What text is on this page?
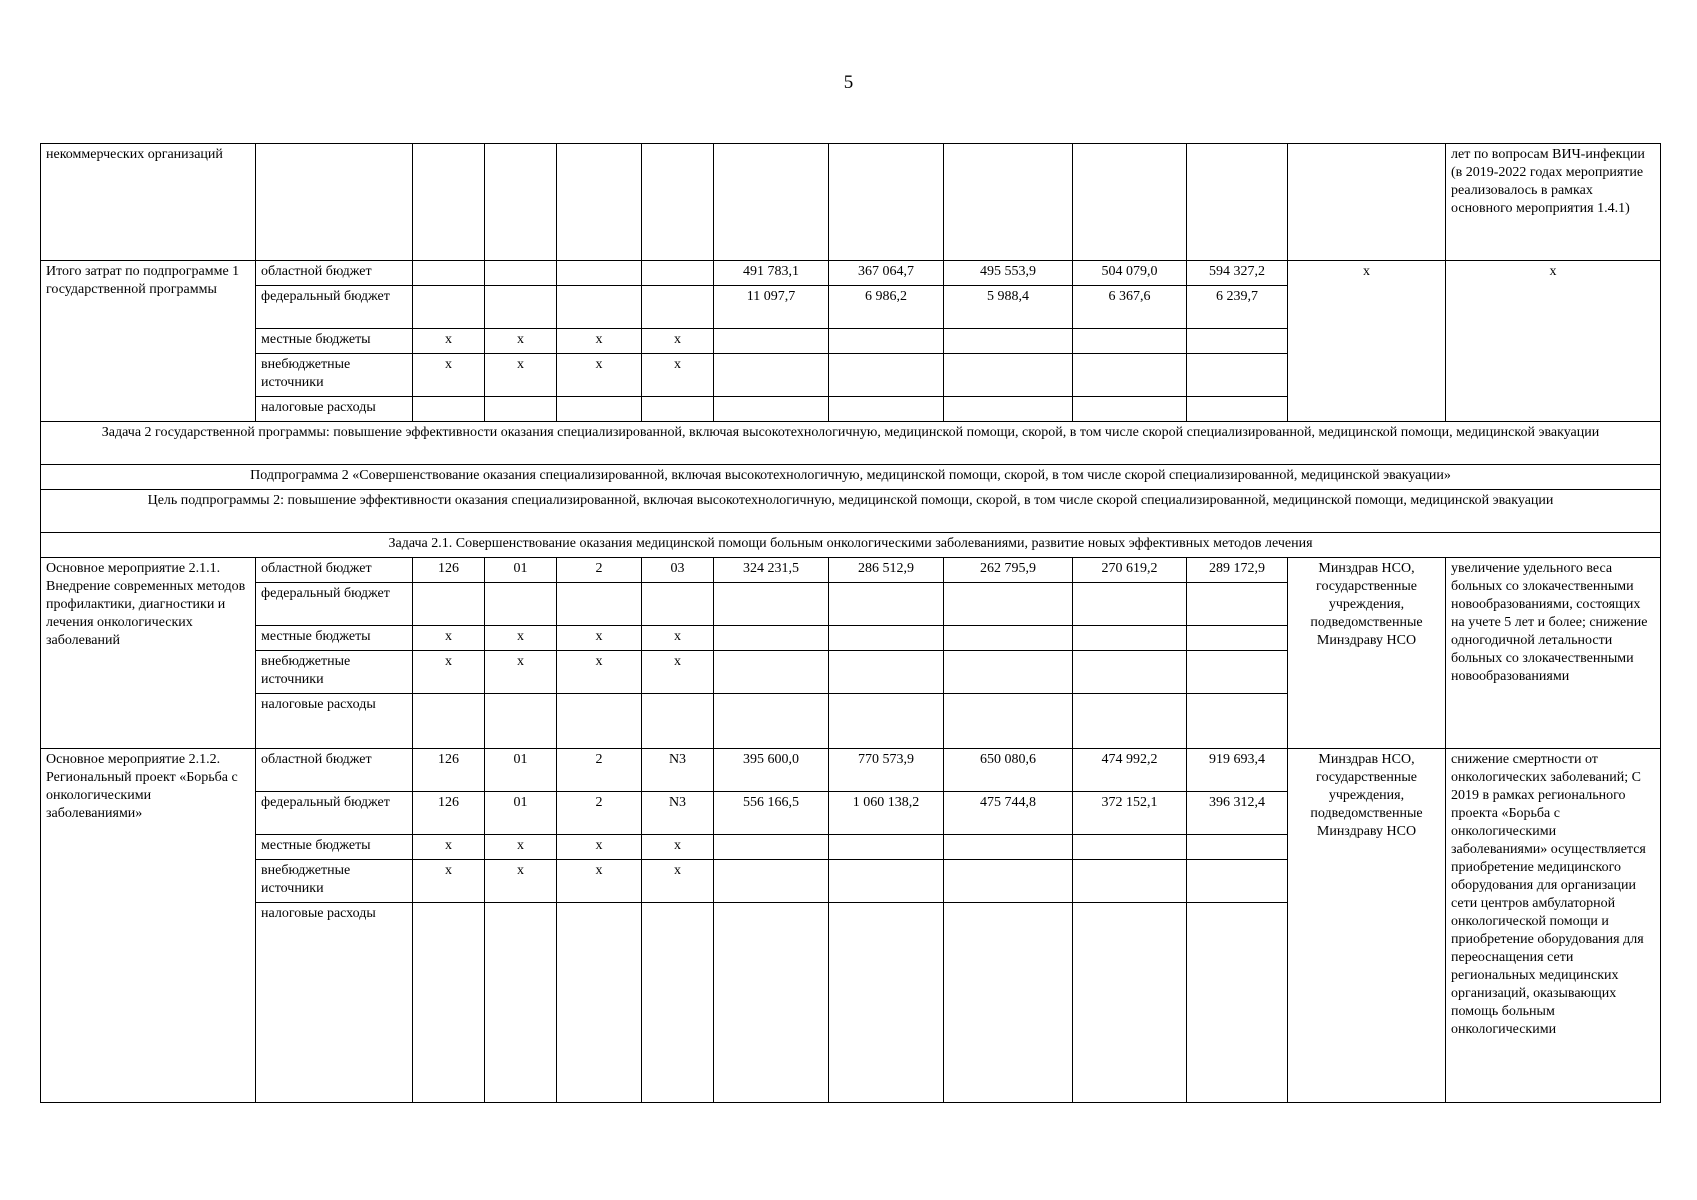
5
некоммерческих организаций												лет по вопросам ВИЧ-инфекции (в 2019-2022 годах мероприятие реализовалось в рамках основного мероприятия 1.4.1)
Итого затрат по подпрограмме 1 государственной программы	областной бюджет					491 783,1	367 064,7	495 553,9	504 079,0	594 327,2	х	х
	федеральный бюджет					11 097,7	6 986,2	5 988,4	6 367,6	6 239,7		
	местные бюджеты	х	х	х	х							
	внебюджетные источники	х	х	х	х							
	налоговые расходы											
Задача 2 государственной программы: повышение эффективности оказания специализированной, включая высокотехнологичную, медицинской помощи, скорой, в том числе скорой специализированной, медицинской помощи, медицинской эвакуации												
Подпрограмма 2 «Совершенствование оказания специализированной, включая высокотехнологичную, медицинской помощи, скорой, в том числе скорой специализированной, медицинской эвакуации»												
Цель подпрограммы 2: повышение эффективности оказания специализированной, включая высокотехнологичную, медицинской помощи, скорой, в том числе скорой специализированной, медицинской помощи, медицинской эвакуации												
Задача 2.1. Совершенствование оказания медицинской помощи больным онкологическими заболеваниями, развитие новых эффективных методов лечения												
Основное мероприятие 2.1.1. Внедрение современных методов профилактики, диагностики и лечения онкологических заболеваний	областной бюджет	126	01	2	03	324 231,5	286 512,9	262 795,9	270 619,2	289 172,9	Минздрав НСО, государственные учреждения, подведомственные Минздраву НСО	увеличение удельного веса больных со злокачественными новообразованиями, состоящих на учете 5 лет и более; снижение одногодичной летальности больных со злокачественными новообразованиями
	федеральный бюджет											
	местные бюджеты	х	х	х	х							
	внебюджетные источники	х	х	х	х							
	налоговые расходы											
Основное мероприятие 2.1.2. Региональный проект «Борьба с онкологическими заболеваниями»	областной бюджет	126	01	2	N3	395 600,0	770 573,9	650 080,6	474 992,2	919 693,4	Минздрав НСО, государственные учреждения, подведомственные Минздраву НСО	снижение смертности от онкологических заболеваний; С 2019 в рамках регионального проекта «Борьба с онкологическими заболеваниями» осуществляется приобретение медицинского оборудования для организации сети центров амбулаторной онкологической помощи и приобретение оборудования для переоснащения сети региональных медицинских организаций, оказывающих помощь больным онкологическими
	федеральный бюджет	126	01	2	N3	556 166,5	1 060 138,2	475 744,8	372 152,1	396 312,4		
	местные бюджеты	х	х	х	х							
	внебюджетные источники	х	х	х	х							
	налоговые расходы											
